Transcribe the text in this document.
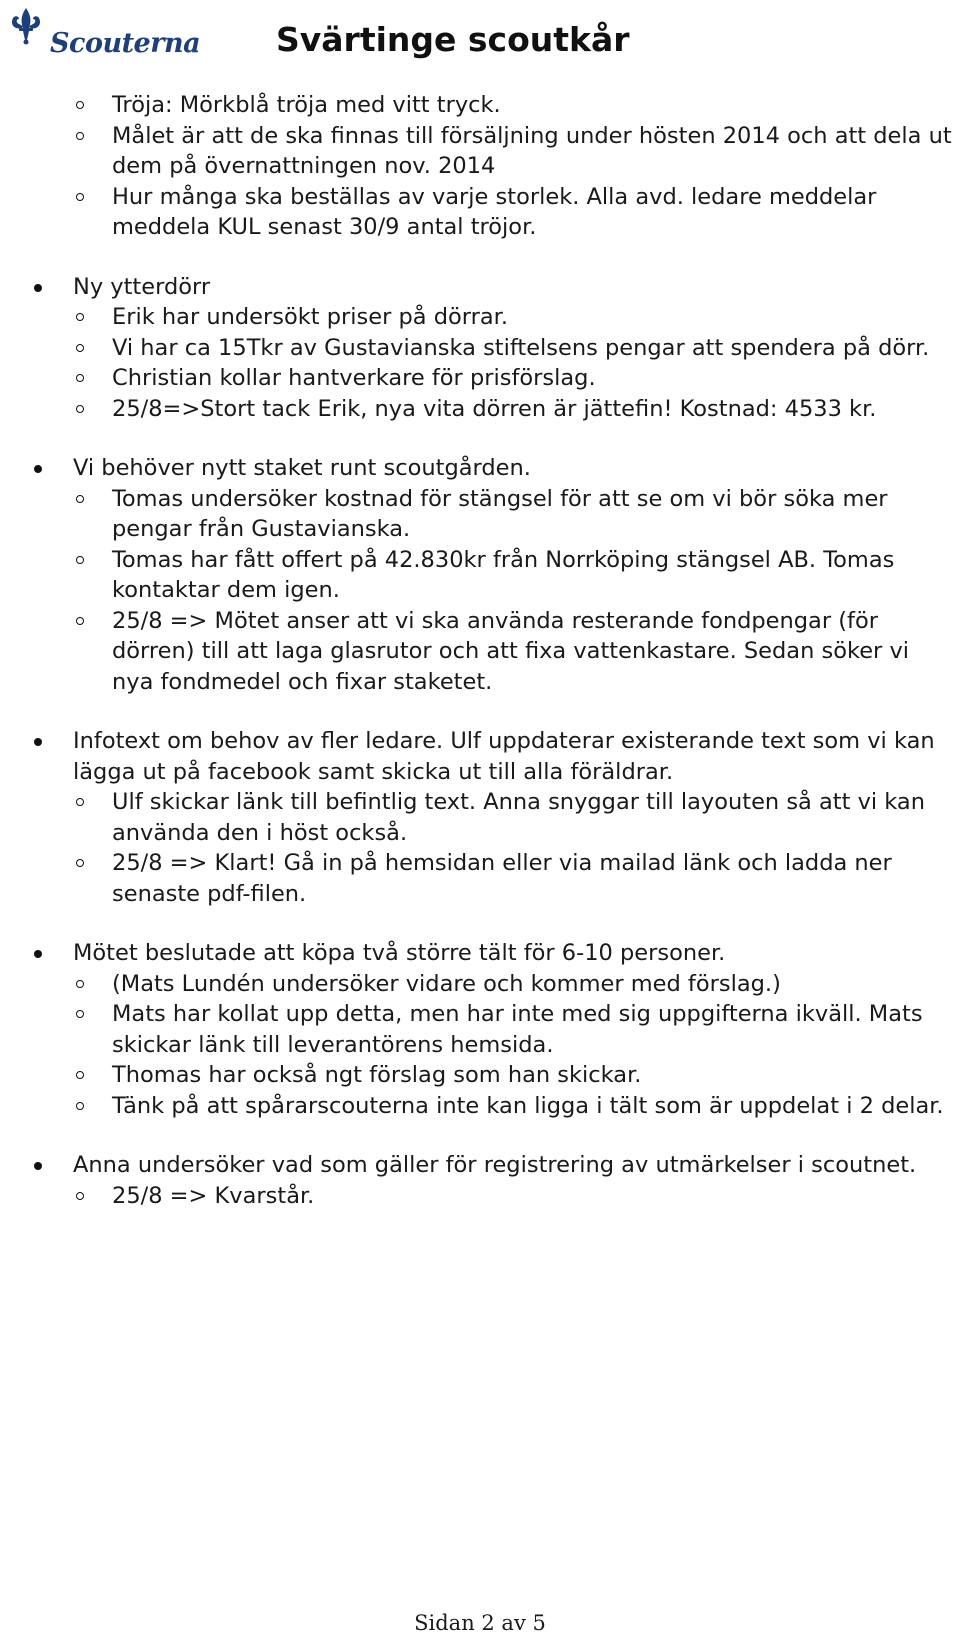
Scouterna Svärtinge scoutkår
Tröja: Mörkblå tröja med vitt tryck.
Målet är att de ska finnas till försäljning under hösten 2014 och att dela ut dem på övernattningen nov. 2014
Hur många ska beställas av varje storlek. Alla avd. ledare meddelar meddela KUL senast 30/9 antal tröjor.
Ny ytterdörr
Erik har undersökt priser på dörrar.
Vi har ca 15Tkr av Gustavianska stiftelsens pengar att spendera på dörr.
Christian kollar hantverkare för prisförslag.
25/8=>Stort tack Erik, nya vita dörren är jättefin! Kostnad: 4533 kr.
Vi behöver nytt staket runt scoutgården.
Tomas undersöker kostnad för stängsel för att se om vi bör söka mer pengar från Gustavianska.
Tomas har fått offert på 42.830kr från Norrköping stängsel AB. Tomas kontaktar dem igen.
25/8 => Mötet anser att vi ska använda resterande fondpengar (för dörren) till att laga glasrutor och att fixa vattenkastare. Sedan söker vi nya fondmedel och fixar staketet.
Infotext om behov av fler ledare. Ulf uppdaterar existerande text som vi kan lägga ut på facebook samt skicka ut till alla föräldrar.
Ulf skickar länk till befintlig text. Anna snyggar till layouten så att vi kan använda den i höst också.
25/8 => Klart! Gå in på hemsidan eller via mailad länk och ladda ner senaste pdf-filen.
Mötet beslutade att köpa två större tält för 6-10 personer.
(Mats Lundén undersöker vidare och kommer med förslag.)
Mats har kollat upp detta, men har inte med sig uppgifterna ikväll. Mats skickar länk till leverantörens hemsida.
Thomas har också ngt förslag som han skickar.
Tänk på att spårarscouterna inte kan ligga i tält som är uppdelat i 2 delar.
Anna undersöker vad som gäller för registrering av utmärkelser i scoutnet.
25/8 => Kvarstår.
Sidan 2 av 5
